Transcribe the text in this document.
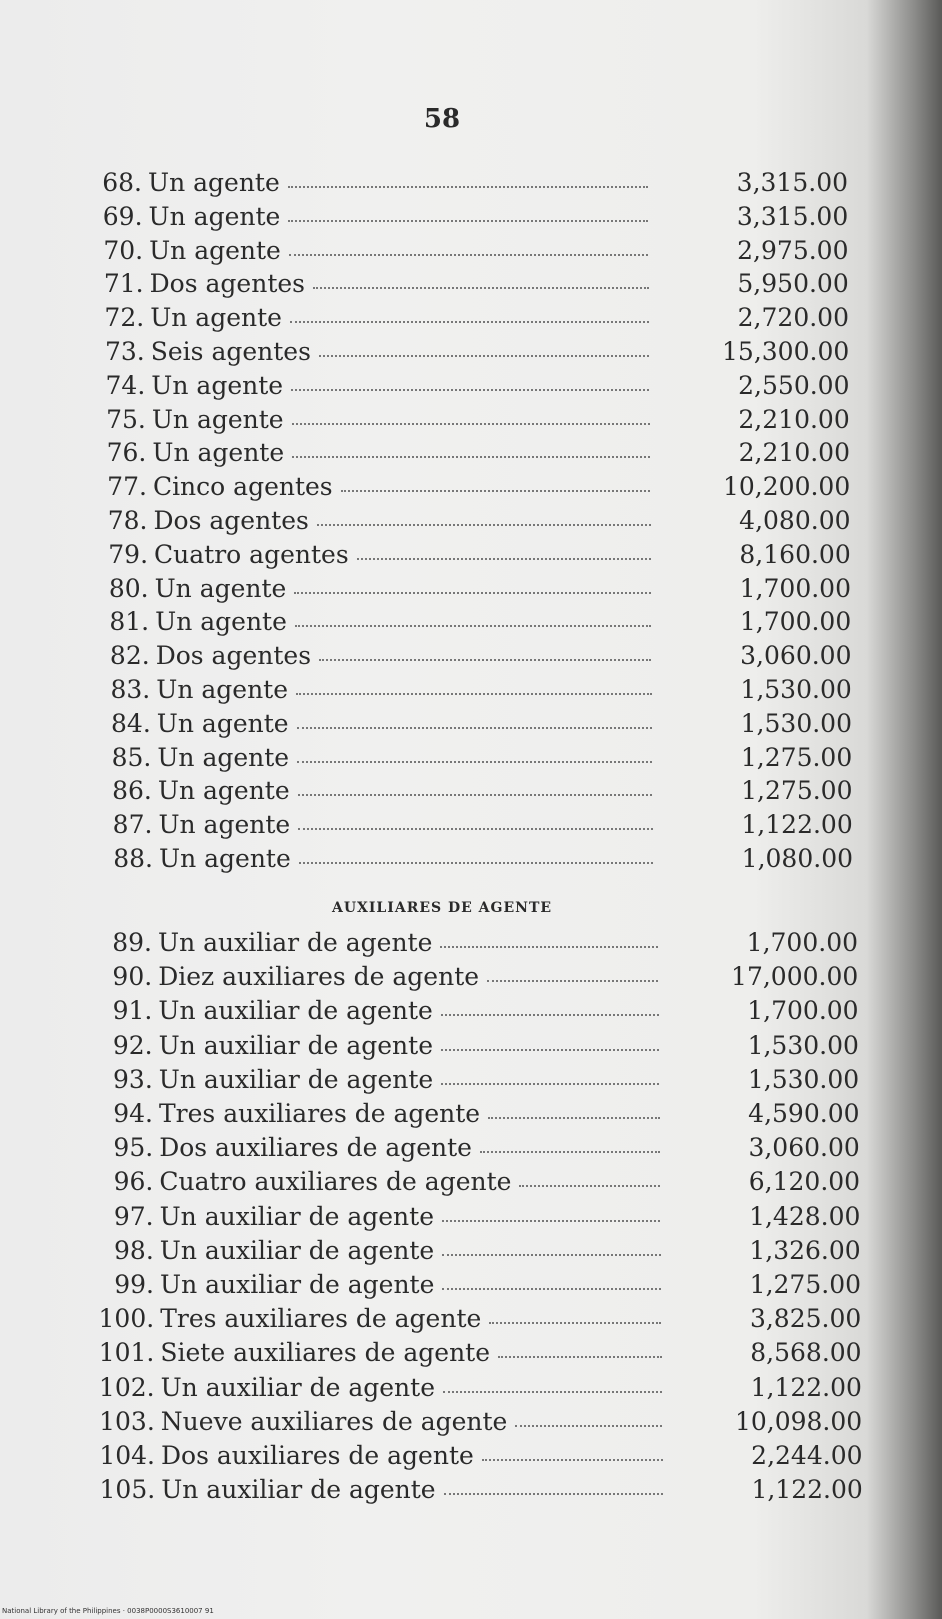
58
68. Un agente	3,315.00
69. Un agente	3,315.00
70. Un agente	2,975.00
71. Dos agentes	5,950.00
72. Un agente	2,720.00
73. Seis agentes	15,300.00
74. Un agente	2,550.00
75. Un agente	2,210.00
76. Un agente	2,210.00
77. Cinco agentes	10,200.00
78. Dos agentes	4,080.00
79. Cuatro agentes	8,160.00
80. Un agente	1,700.00
81. Un agente	1,700.00
82. Dos agentes	3,060.00
83. Un agente	1,530.00
84. Un agente	1,530.00
85. Un agente	1,275.00
86. Un agente	1,275.00
87. Un agente	1,122.00
88. Un agente	1,080.00
89. Un auxiliar de agente	1,700.00
90. Diez auxiliares de agente	17,000.00
91. Un auxiliar de agente	1,700.00
92. Un auxiliar de agente	1,530.00
93. Un auxiliar de agente	1,530.00
94. Tres auxiliares de agente	4,590.00
95. Dos auxiliares de agente	3,060.00
96. Cuatro auxiliares de agente	6,120.00
97. Un auxiliar de agente	1,428.00
98. Un auxiliar de agente	1,326.00
99. Un auxiliar de agente	1,275.00
100. Tres auxiliares de agente	3,825.00
101. Siete auxiliares de agente	8,568.00
102. Un auxiliar de agente	1,122.00
103. Nueve auxiliares de agente	10,098.00
104. Dos auxiliares de agente	2,244.00
105. Un auxiliar de agente	1,122.00
AUXILIARES DE AGENTE
National Library of the Philippines · 0038P0000S3610007 91
